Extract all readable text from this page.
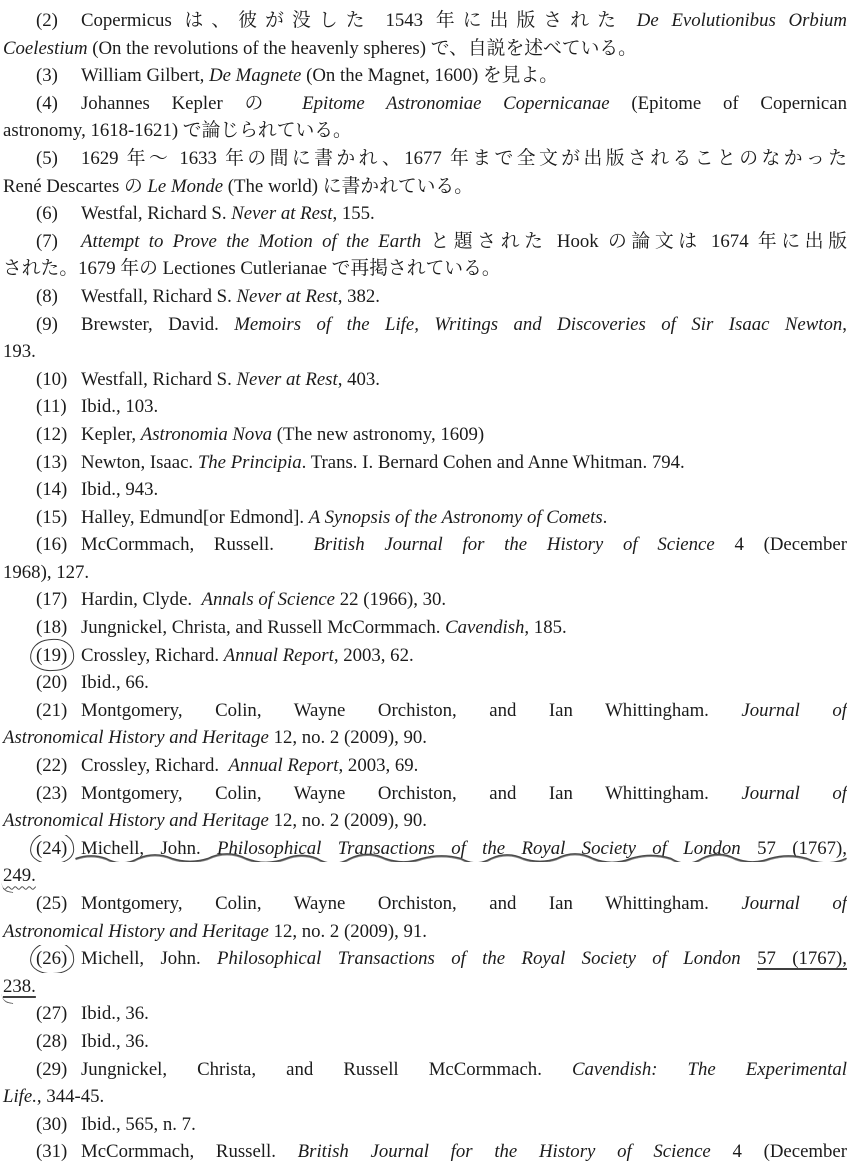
(2) Copermicus は、彼が没した 1543 年に出版された De Evolutionibus Orbium
Coelestium (On the revolutions of the heavenly spheres) で、自説を述べている。
(3) William Gilbert, De Magnete (On the Magnet, 1600) を見よ。
(4) Johannes Kepler の Epitome Astronomiae Copernicanae (Epitome of Copernican
astronomy, 1618-1621) で論じられている。
(5) 1629 年～ 1633 年の間に書かれ、1677 年まで全文が出版されることのなかった
René Descartes の Le Monde (The world) に書かれている。
(6) Westfal, Richard S. Never at Rest, 155.
(7) Attempt to Prove the Motion of the Earth と題された Hook の論文は 1674 年に出版
された。1679 年の Lectiones Cutlerianae で再掲されている。
(8) Westfall, Richard S. Never at Rest, 382.
(9) Brewster, David. Memoirs of the Life, Writings and Discoveries of Sir Isaac Newton,
193.
(10) Westfall, Richard S. Never at Rest, 403.
(11) Ibid., 103.
(12) Kepler, Astronomia Nova (The new astronomy, 1609)
(13) Newton, Isaac. The Principia. Trans. I. Bernard Cohen and Anne Whitman. 794.
(14) Ibid., 943.
(15) Halley, Edmund[or Edmond]. A Synopsis of the Astronomy of Comets.
(16) McCormmach, Russell.  British Journal for the History of Science 4 (December
1968), 127.
(17) Hardin, Clyde.  Annals of Science 22 (1966), 30.
(18) Jungnickel, Christa, and Russell McCormmach. Cavendish, 185.
(19) Crossley, Richard. Annual Report, 2003, 62.
(20) Ibid., 66.
(21) Montgomery, Colin, Wayne Orchiston, and Ian Whittingham. Journal of
Astronomical History and Heritage 12, no. 2 (2009), 90.
(22) Crossley, Richard.  Annual Report, 2003, 69.
(23) Montgomery, Colin, Wayne Orchiston, and Ian Whittingham. Journal of
Astronomical History and Heritage 12, no. 2 (2009), 90.
(24) Michell, John. Philosophical Transactions of the Royal Society of London 57 (1767),
249.
(25) Montgomery, Colin, Wayne Orchiston, and Ian Whittingham. Journal of
Astronomical History and Heritage 12, no. 2 (2009), 91.
(26) Michell, John. Philosophical Transactions of the Royal Society of London 57 (1767),
238.
(27) Ibid., 36.
(28) Ibid., 36.
(29) Jungnickel, Christa, and Russell McCormmach. Cavendish: The Experimental
Life., 344-45.
(30) Ibid., 565, n. 7.
(31) McCormmach, Russell. British Journal for the History of Science 4 (December
